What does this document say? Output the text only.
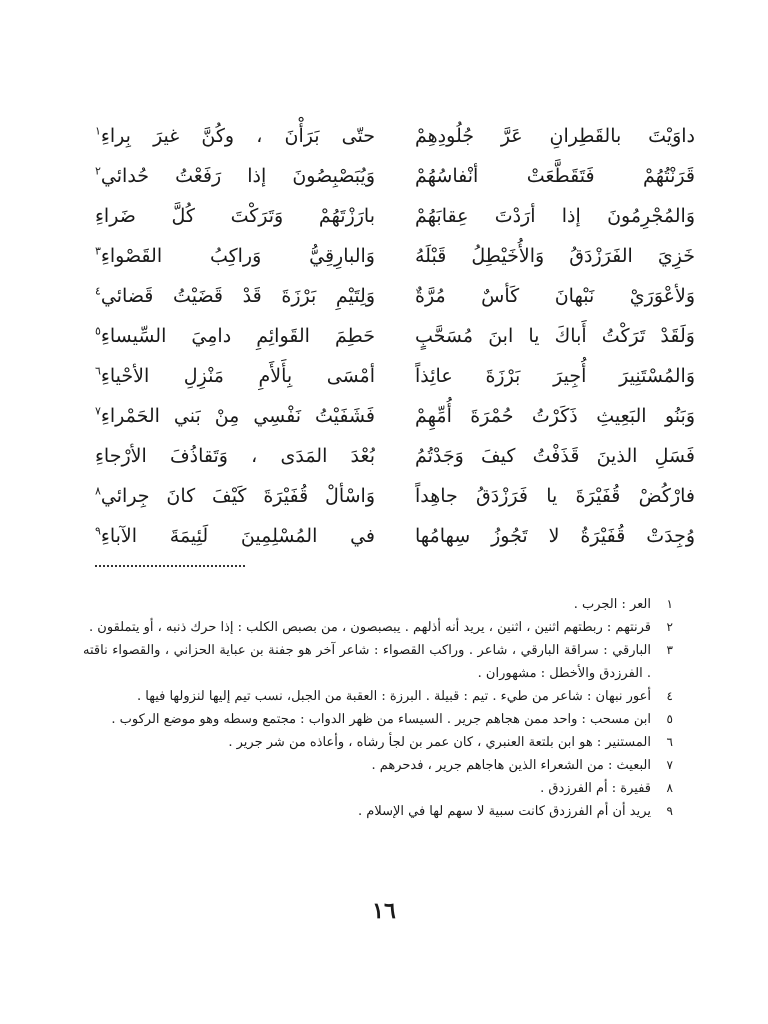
داوَيْتَ بالقَطِرانِ عَرَّ جُلُودِهِمْ
حتّى بَرَأْنَ ، وكُنَّ غيرَ بِراءِ$^١$
قَرَنْتُهُمْ فَتَقَطَّعَتْ أنْفاسُهُمْ
وَيُبَصْبِصُونَ إذا رَفَعْتُ حُدائي$^٢$
وَالمُجْرِمُونَ إذا أرَدْتَ عِقابَهُمْ
بارَزْتَهُمْ وَتَرَكْتَ كُلَّ ضَراءِ
خَزِيَ الفَرَزْدَقُ وَالأُخَيْطِلُ قَبْلَهُ
وَالبارِقِيُّ وَراكِبُ القَصْواءِ$^٣$
وَلأعْوَرَيْ نَبْهانَ كَأسٌ مُرَّةٌ
وَلِتَيْمِ بَرْزَةَ قَدْ قَضَيْتُ قَضائي$^٤$
وَلَقَدْ تَرَكْتُ أَباكَ يا ابنَ مُسَحَّبٍ
حَطِمَ القَوائِمِ دامِيَ السِّيساءِ$^٥$
وَالمُسْتَنِيرَ أُجِيرَ بَرْزَةَ عائِذاً
أمْسَى بِأَلأَمِ مَنْزِلِ الأحْياءِ$^٦$
وَبَنُو البَعِيثِ ذَكَرْتُ حُمْرَةَ أُمِّهِمْ
فَشَفَيْتُ نَفْسِي مِنْ بَني الحَمْراءِ$^٧$
فَسَلِ الذينَ قَذَفْتُ كيفَ وَجَدْتُمُ
بُعْدَ المَدَى ، وَتَقاذُفَ الأرْجاءِ
فارْكُضْ قُفَيْرَةَ يا فَرَزْدَقُ جاهِداً
وَاسْألْ قُفَيْرَةَ كَيْفَ كانَ جِرائي$^٨$
وُجِدَتْ قُفَيْرَةُ لا تَجُوزُ سِهامُها
في المُسْلِمِينَ لَئِيمَةَ الآباءِ$^٩$
١
العر : الجرب .
٢
قرنتهم : ربطتهم اثنين ، اثنين ، يريد أنه أذلهم . يبصبصون ، من بصبص الكلب : إذا حرك ذنبه ، أو يتملقون .
٣
البارقي : سراقة البارقي ، شاعر . وراكب القصواء : شاعر آخر هو جفنة بن عباية الحزاني ، والقصواء ناقته . الفرزدق والأخطل : مشهوران .
٤
أعور نبهان : شاعر من طيء . تيم : قبيلة . البرزة : العقبة من الجبل، نسب تيم إليها لنزولها فيها .
٥
ابن مسحب : واحد ممن هجاهم جرير . السيساء من ظهر الدواب : مجتمع وسطه وهو موضع الركوب .
٦
المستنير : هو ابن بلتعة العنبري ، كان عمر بن لجأ رشاه ، وأعاذه من شر جرير .
٧
البعيث : من الشعراء الذين هاجاهم جرير ، فدحرهم .
٨
قفيرة : أم الفرزدق .
٩
يريد أن أم الفرزدق كانت سبية لا سهم لها في الإسلام .
١٦
